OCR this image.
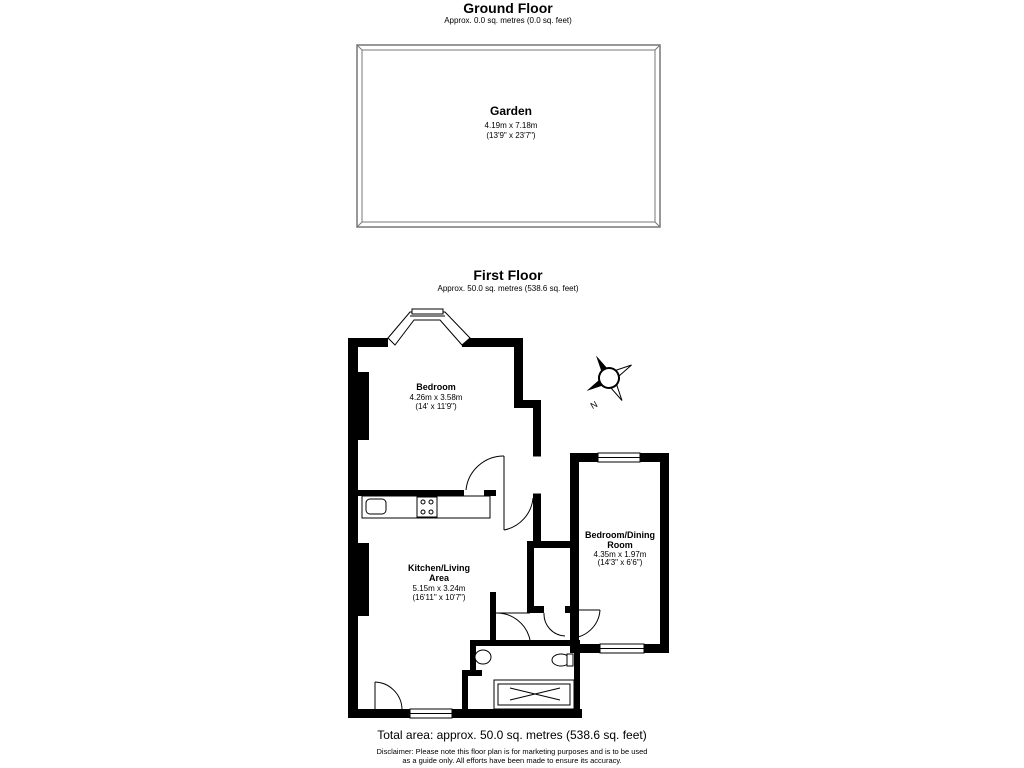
Ground Floor
Approx. 0.0 sq. metres (0.0 sq. feet)
Garden
4.19m x 7.18m
(13'9" x 23'7")
First Floor
Approx. 50.0 sq. metres (538.6 sq. feet)
Bedroom
4.26m x 3.58m
(14' x 11'9")
Kitchen/Living
Area
5.15m x 3.24m
(16'11" x 10'7")
Bedroom/Dining
Room
4.35m x 1.97m
(14'3" x 6'6")
N
Total area: approx. 50.0 sq. metres (538.6 sq. feet)
Disclaimer: Please note this floor plan is for marketing purposes and is to be used
as a guide only. All efforts have been made to ensure its accuracy.
